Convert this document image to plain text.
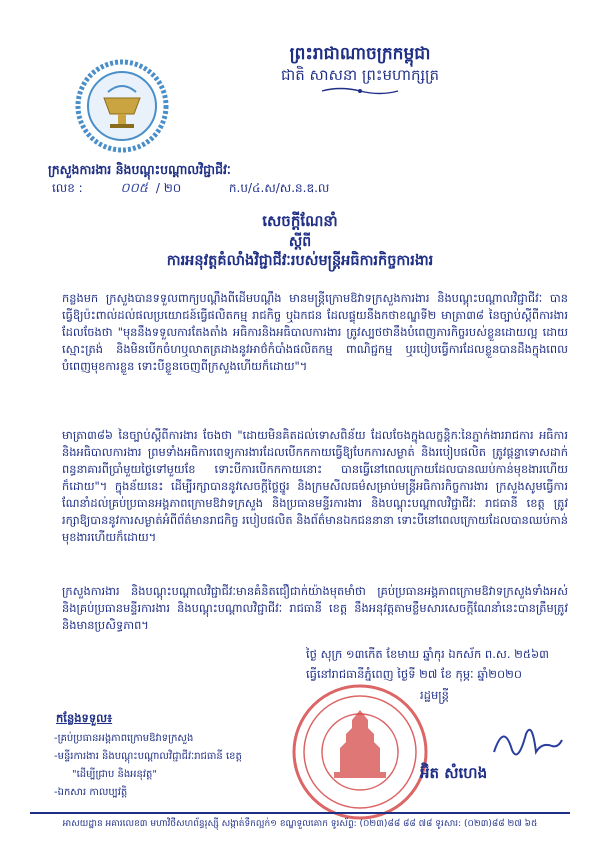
ព្រះរាជាណាចក្រកម្ពុជា
ជាតិ សាសនា ព្រះមហាក្សត្រ
ក្រសួងការងារ និងបណ្តុះបណ្តាលវិជ្ជាជីវៈ
លេខ :	០០៥ / ២០	ក.ប/៤.ស/ស.ន.ឌ.ល
សេចក្តីណែនាំ
ស្តីពី
ការអនុវត្តគំលាំងវិជ្ជាជីវៈរបស់មន្ត្រីអធិការកិច្ចការងារ
កន្លងមក ក្រសួងបានទទួលពាក្យបណ្តឹងពីដើមបណ្តឹង មានមន្ត្រីក្រោមឱវាទក្រសួងការងារ និងបណ្តុះបណ្តាលវិជ្ជាជីវៈ បានធ្វើឱ្យប៉ះពាល់ដល់ផលប្រយោជន៍ធ្វើផលិតកម្ម រាជកិច្ច ឬឯកជន ដែលផ្ទុយនឹងកថាខណ្ឌទី២ មាត្រា៣៨ នៃច្បាប់ស្តីពីការងារ ដែលចែងថា "មុននឹងទទួលការតែងតាំង អធិការនិងអធិបាលការងារ ត្រូវស្បថថានឹងបំពេញភារកិច្ចរបស់ខ្លួនដោយល្អ ដោយស្មោះត្រង់ និងមិនបើកចំហឬលាតត្រដាងនូវអាថ៌កំបាំងផលិតកម្ម ពាណិជ្ជកម្ម ឬរបៀបធ្វើការដែលខ្លួនបានដឹងក្នុងពេលបំពេញមុខការខ្លួន ទោះបីខ្លួនចេញពីក្រសួងហើយក៏ដោយ"។
មាត្រា៣៨៦ នៃច្បាប់ស្តីពីការងារ ចែងថា "ដោយមិនគិតដល់ទោសពិន័យ ដែលចែងក្នុងលក្ខន្តិកៈនៃភ្នាក់ងាររាជការ អធិការនិងអធិបាលការងារ ព្រមទាំងអធិការពេទ្យការងារដែលបើកកកាយធ្វើឱ្យបែកការសម្ងាត់ និងរបៀបផលិត ត្រូវផ្តន្ទាទោសដាក់ពន្ធនាគារពីប្រាំមួយថ្ងៃទៅមួយខែ ទោះបីការបើកកកាយនោះ បានធ្វើនៅពេលក្រោយដែលបានឈប់កាន់មុខងារហើយក៏ដោយ"។ ក្នុងន័យនេះ ដើម្បីរក្សាបាននូវសេចក្តីថ្លៃថ្នូរ និងក្រមសីលធម៌សម្រាប់មន្ត្រីអធិការកិច្ចការងារ ក្រសួងសូមធ្វើការណែនាំដល់គ្រប់ប្រធានអង្គភាពក្រោមឱវាទក្រសួង និងប្រធានមន្ទីរការងារ និងបណ្តុះបណ្តាលវិជ្ជាជីវៈ រាជធានី ខេត្ត ត្រូវរក្សាឱ្យបាននូវការសម្ងាត់អំពីព័ត៌មានរាជកិច្ច របៀបផលិត និងព័ត៌មានឯកជននានា ទោះបីនៅពេលក្រោយដែលបានឈប់កាន់មុខងារហើយក៏ដោយ។
ក្រសួងការងារ និងបណ្តុះបណ្តាលវិជ្ជាជីវៈមានគំនិតជឿជាក់យ៉ាងមុតមាំថា គ្រប់ប្រធានអង្គភាពក្រោមឱវាទក្រសួងទាំងអស់ និងគ្រប់ប្រធានមន្ទីរការងារ និងបណ្តុះបណ្តាលវិជ្ជាជីវៈ រាជធានី ខេត្ត នឹងអនុវត្តតាមខ្លឹមសារសេចក្តីណែនាំនេះបានត្រឹមត្រូវ និងមានប្រសិទ្ធភាព។
ថ្ងៃ សុក្រ ១៣កើត ខែមាឃ ឆ្នាំកុរ ឯកស័ក ព.ស. ២៥៦៣
ធ្វើនៅរាជធានីភ្នំពេញ ថ្ងៃទី ២៧ ខែ កុម្ភៈ ឆ្នាំ២០២០
រដ្ឋមន្ត្រី
អ៊ិត សំហេង
កន្លែងទទួល៖
-គ្រប់ប្រធានអង្គភាពក្រោមឱវាទក្រសួង
-មន្ទីរការងារ និងបណ្តុះបណ្តាលវិជ្ជាជីវៈរាជធានី ខេត្ត
"ដើម្បីជ្រាប និងអនុវត្ត"
-ឯកសារ កាលប្បវត្តិ
អាសយដ្ឋាន អគារលេខ៣ មហាវិថីសហព័ន្ធរុស្ស៊ី សង្កាត់ទឹកល្អក់១ ខណ្ឌទួលគោក ទូរស័ព្ទ: (០២៣)៨៨ ៨៨ ៧៨ ទូរសារ: (០២៣)៨៨ ២៧ ៦៥
